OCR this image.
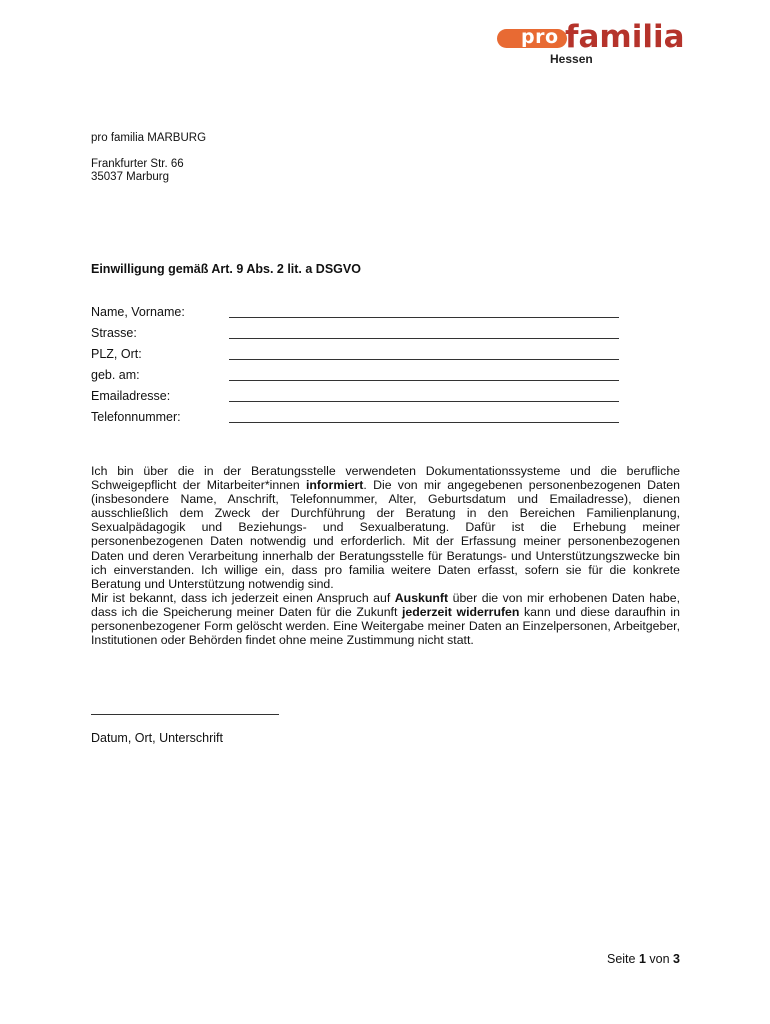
pro familia
Hessen
pro familia MARBURG
Frankfurter Str. 66
35037 Marburg
Einwilligung gemäß Art. 9 Abs. 2 lit. a DSGVO
Name, Vorname:
Strasse:
PLZ, Ort:
geb. am:
Emailadresse:
Telefonnummer:

Ich bin über die in der Beratungsstelle verwendeten Dokumentationssysteme und die berufliche Schweigepflicht der Mitarbeiter*innen informiert. Die von mir angegebenen personenbezogenen Daten (insbesondere Name, Anschrift, Telefonnummer, Alter, Geburtsdatum und Emailadresse), dienen ausschließlich dem Zweck der Durchführung der Beratung in den Bereichen Familienplanung, Sexualpädagogik und Beziehungs- und Sexualberatung. Dafür ist die Erhebung meiner personenbezogenen Daten notwendig und erforderlich. Mit der Erfassung meiner personenbezogenen Daten und deren Verarbeitung innerhalb der Beratungsstelle für Beratungs- und Unterstützungszwecke bin ich einverstanden. Ich willige ein, dass pro familia weitere Daten erfasst, sofern sie für die konkrete Beratung und Unterstützung notwendig sind.

Mir ist bekannt, dass ich jederzeit einen Anspruch auf Auskunft über die von mir erhobenen Daten habe, dass ich die Speicherung meiner Daten für die Zukunft jederzeit widerrufen kann und diese daraufhin in personenbezogener Form gelöscht werden. Eine Weitergabe meiner Daten an Einzelpersonen, Arbeitgeber, Institutionen oder Behörden findet ohne meine Zustimmung nicht statt.

Datum, Ort, Unterschrift
Seite 1 von 3
